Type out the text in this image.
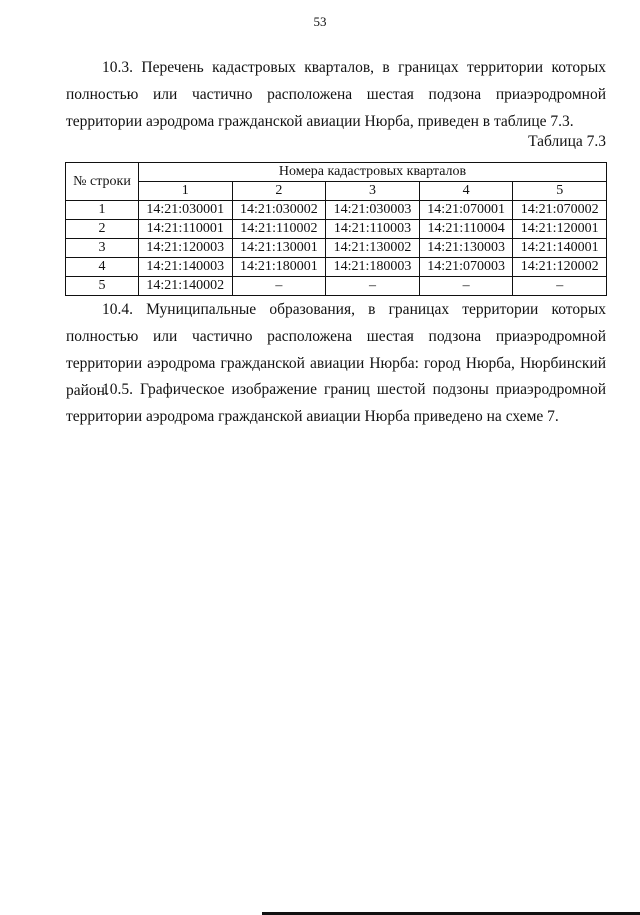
53

10.3. Перечень кадастровых кварталов, в границах территории которых полностью или частично расположена шестая подзона приаэродромной территории аэродрома гражданской авиации Нюрба, приведен в таблице 7.3.

Таблица 7.3
№ строки	Номера кадастровых кварталов				
	1	2	3	4	5
1	14:21:030001	14:21:030002	14:21:030003	14:21:070001	14:21:070002
2	14:21:110001	14:21:110002	14:21:110003	14:21:110004	14:21:120001
3	14:21:120003	14:21:130001	14:21:130002	14:21:130003	14:21:140001
4	14:21:140003	14:21:180001	14:21:180003	14:21:070003	14:21:120002
5	14:21:140002	–	–	–	–

10.4. Муниципальные образования, в границах территории которых полностью или частично расположена шестая подзона приаэродромной территории аэродрома гражданской авиации Нюрба: город Нюрба, Нюрбинский район.

10.5. Графическое изображение границ шестой подзоны приаэродромной территории аэродрома гражданской авиации Нюрба приведено на схеме 7.
